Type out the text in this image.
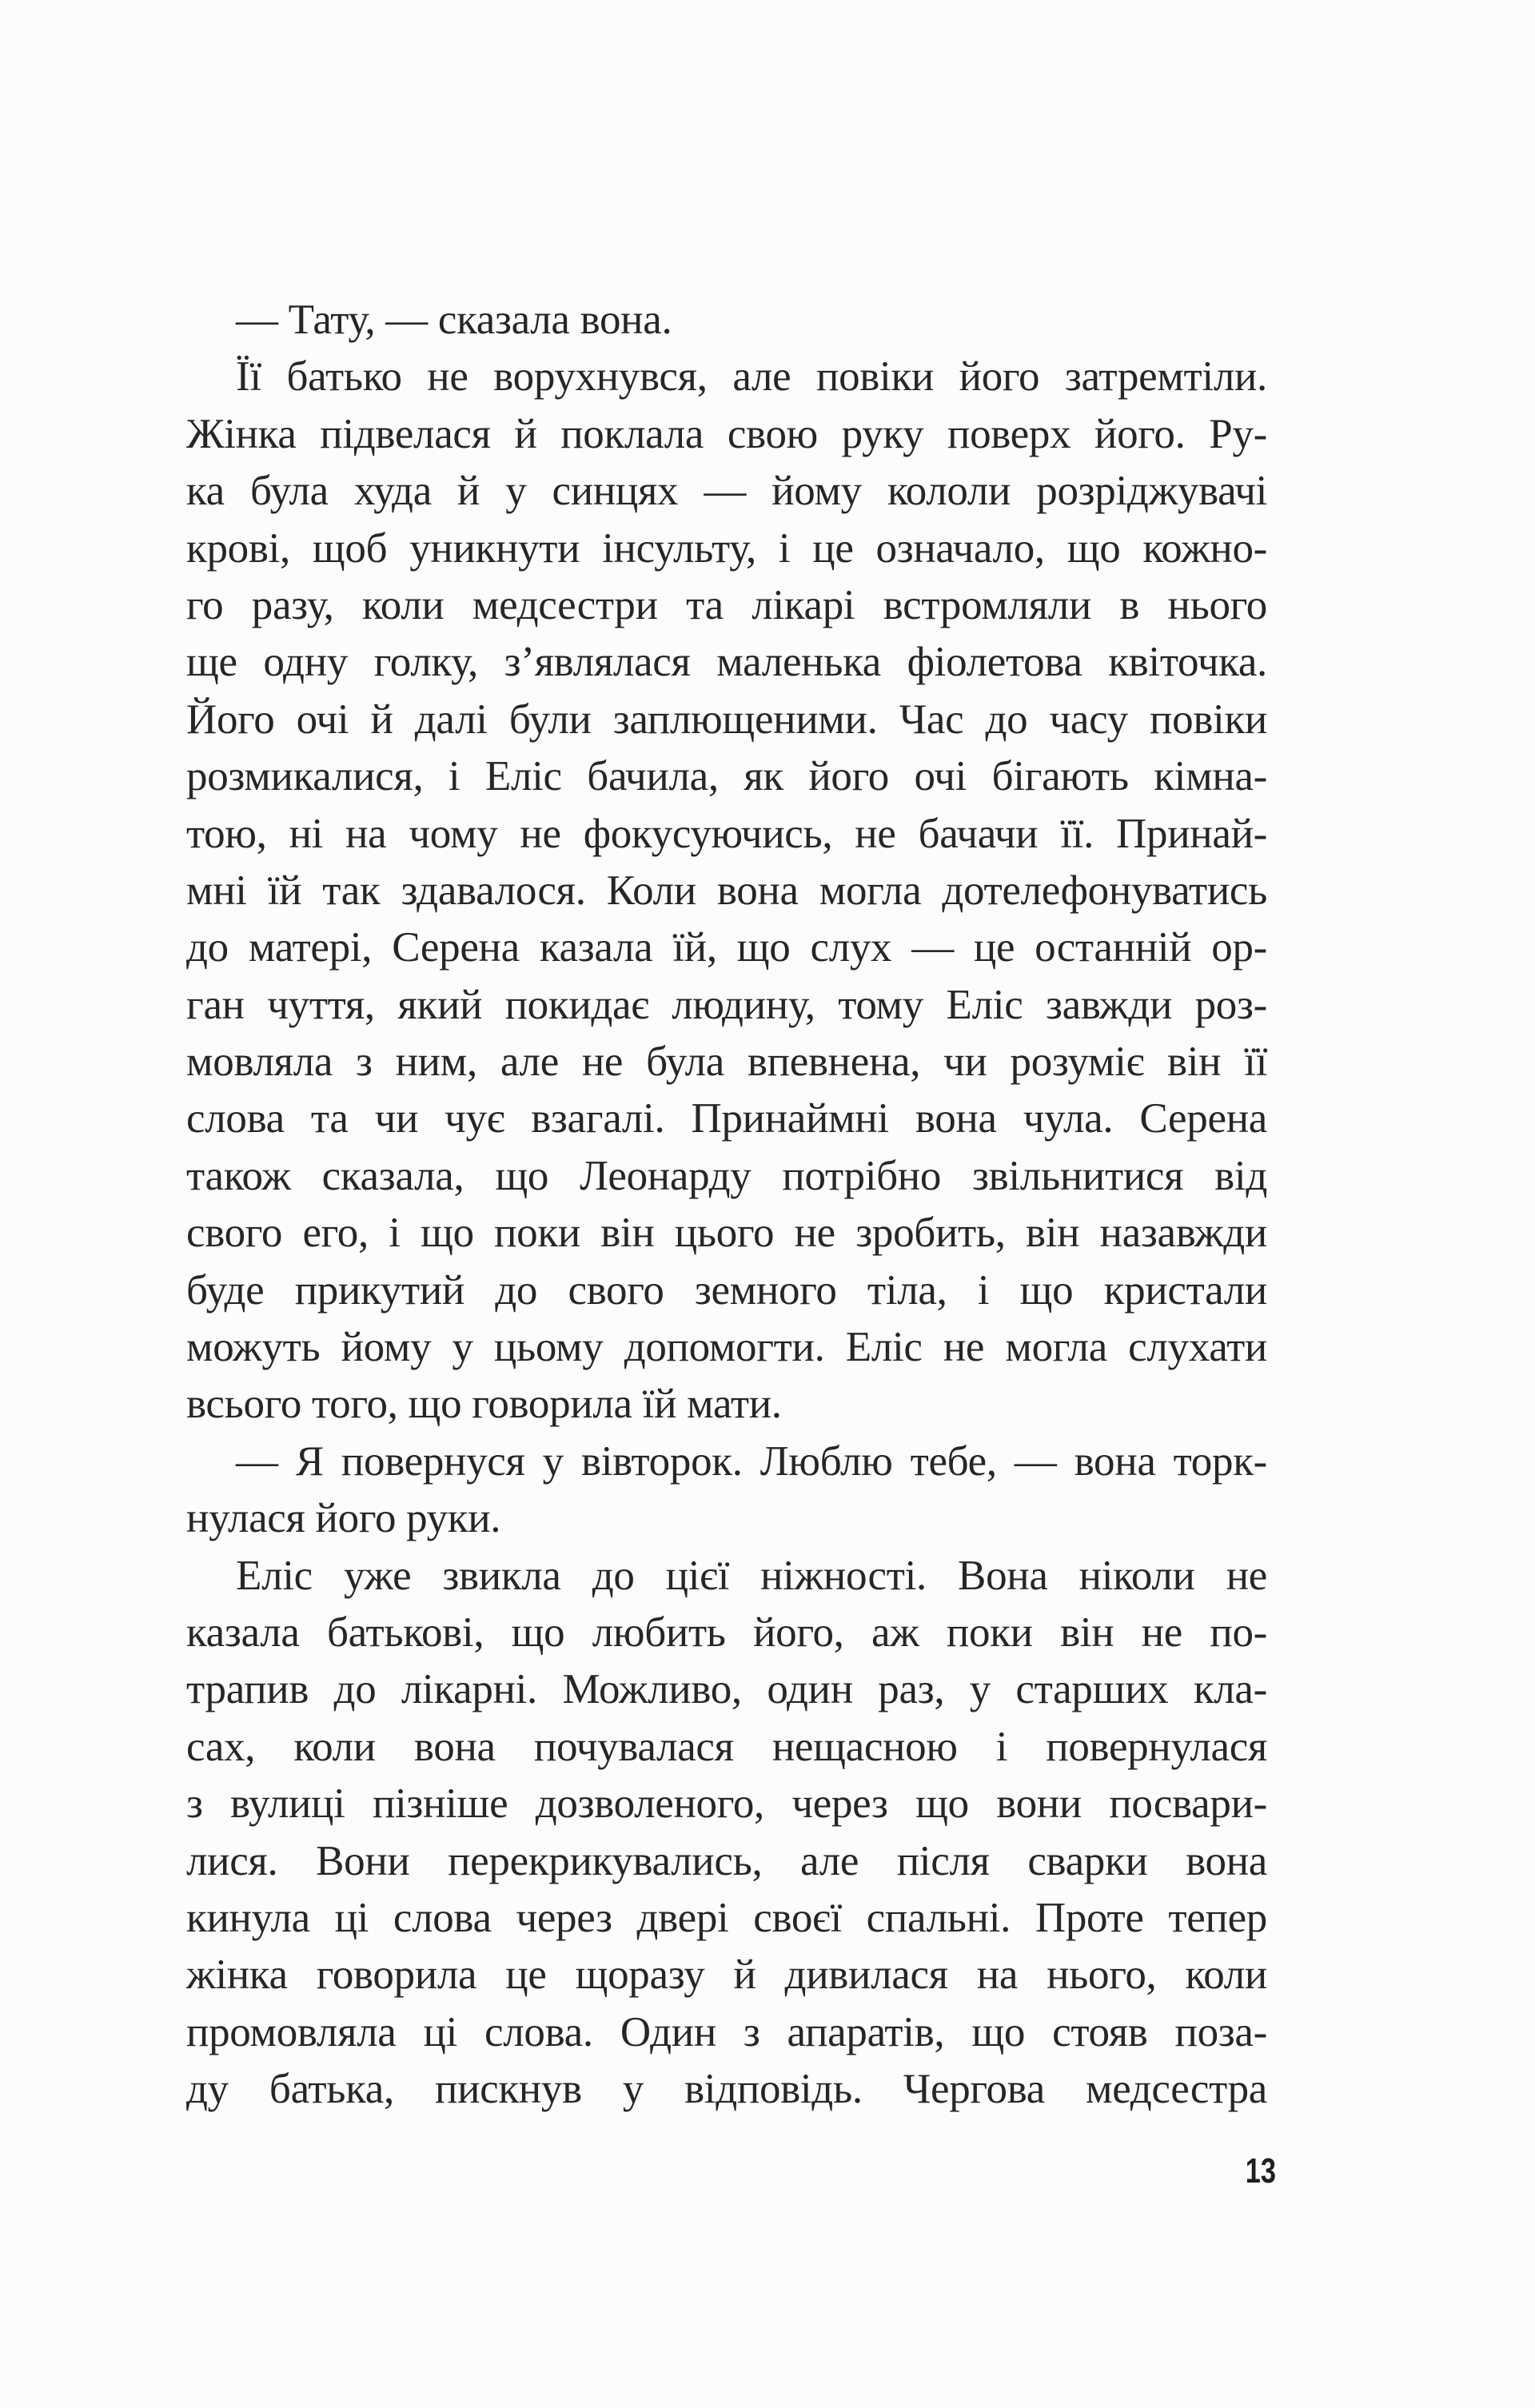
— Тату, — сказала вона.
Її батько не ворухнувся, але повіки його затремтіли.
Жінка підвелася й поклала свою руку поверх його. Ру-
ка була худа й у синцях — йому кололи розріджувачі
крові, щоб уникнути інсульту, і це означало, що кожно-
го разу, коли медсестри та лікарі встромляли в нього
ще одну голку, з’являлася маленька фіолетова квіточка.
Його очі й далі були заплющеними. Час до часу повіки
розмикалися, і Еліс бачила, як його очі бігають кімна-
тою, ні на чому не фокусуючись, не бачачи її. Принай-
мні їй так здавалося. Коли вона могла дотелефонуватись
до матері, Серена казала їй, що слух — це останній ор-
ган чуття, який покидає людину, тому Еліс завжди роз-
мовляла з ним, але не була впевнена, чи розуміє він її
слова та чи чує взагалі. Принаймні вона чула. Серена
також сказала, що Леонарду потрібно звільнитися від
свого его, і що поки він цього не зробить, він назавжди
буде прикутий до свого земного тіла, і що кристали
можуть йому у цьому допомогти. Еліс не могла слухати
всього того, що говорила їй мати.
— Я повернуся у вівторок. Люблю тебе, — вона торк-
нулася його руки.
Еліс уже звикла до цієї ніжності. Вона ніколи не
казала батькові, що любить його, аж поки він не по-
трапив до лікарні. Можливо, один раз, у старших кла-
сах, коли вона почувалася нещасною і повернулася
з вулиці пізніше дозволеного, через що вони посвари-
лися. Вони перекрикувались, але після сварки вона
кинула ці слова через двері своєї спальні. Проте тепер
жінка говорила це щоразу й дивилася на нього, коли
промовляла ці слова. Один з апаратів, що стояв поза-
ду батька, пискнув у відповідь. Чергова медсестра
13
